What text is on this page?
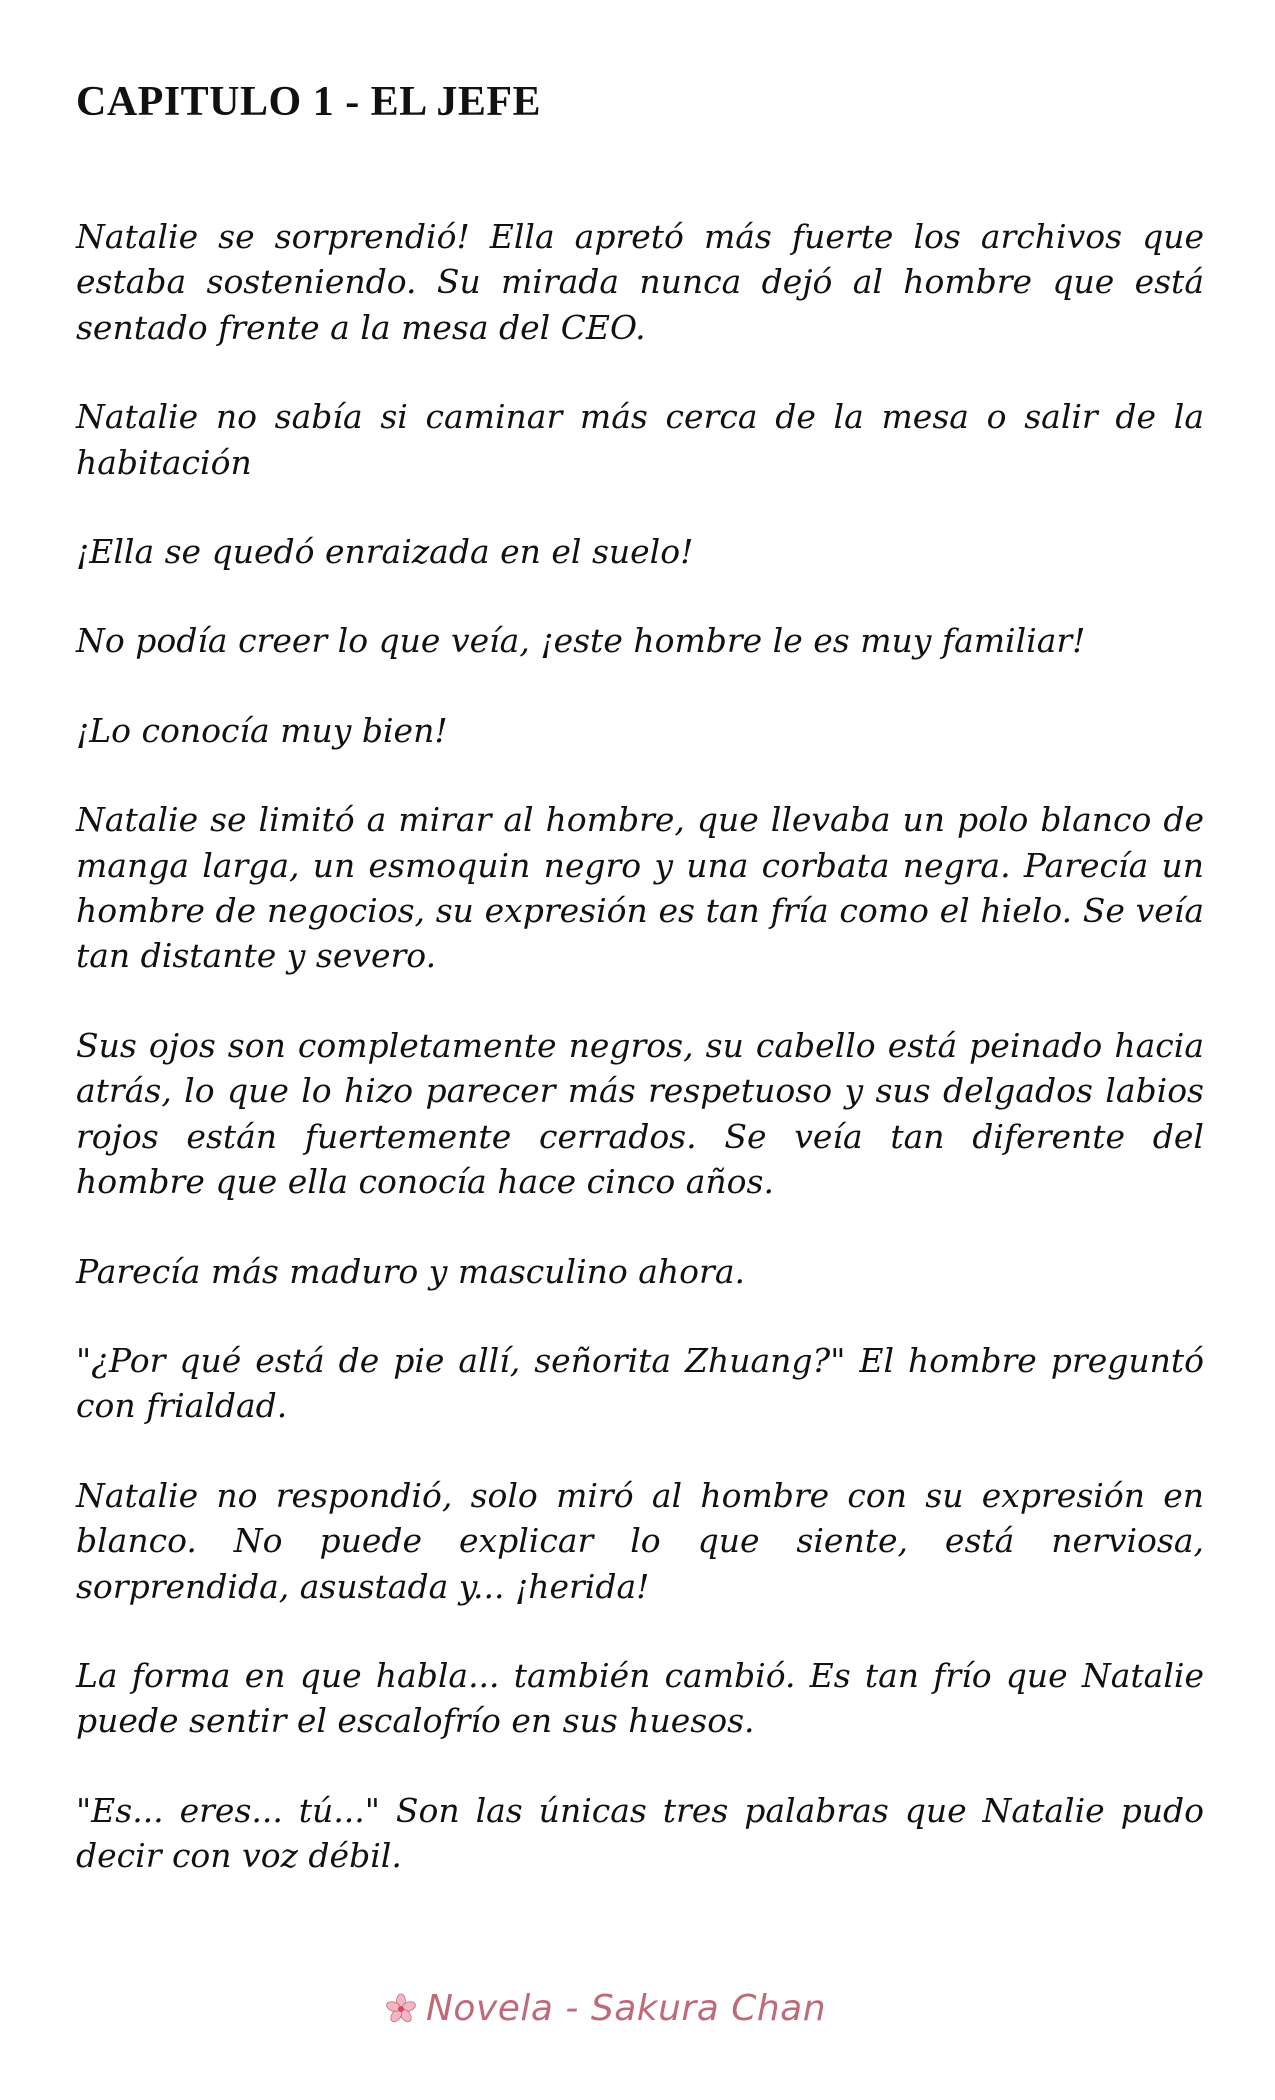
CAPITULO 1 - EL JEFE

Natalie se sorprendió! Ella apretó más fuerte los archivos que estaba sosteniendo. Su mirada nunca dejó al hombre que está sentado frente a la mesa del CEO.

Natalie no sabía si caminar más cerca de la mesa o salir de la habitación

¡Ella se quedó enraizada en el suelo!

No podía creer lo que veía, ¡este hombre le es muy familiar!

¡Lo conocía muy bien!

Natalie se limitó a mirar al hombre, que llevaba un polo blanco de manga larga, un esmoquin negro y una corbata negra. Parecía un hombre de negocios, su expresión es tan fría como el hielo. Se veía tan distante y severo.

Sus ojos son completamente negros, su cabello está peinado hacia atrás, lo que lo hizo parecer más respetuoso y sus delgados labios rojos están fuertemente cerrados. Se veía tan diferente del hombre que ella conocía hace cinco años.

Parecía más maduro y masculino ahora.

"¿Por qué está de pie allí, señorita Zhuang?" El hombre preguntó con frialdad.

Natalie no respondió, solo miró al hombre con su expresión en blanco. No puede explicar lo que siente, está nerviosa, sorprendida, asustada y... ¡herida!

La forma en que habla... también cambió. Es tan frío que Natalie puede sentir el escalofrío en sus huesos.

"Es... eres... tú..." Son las únicas tres palabras que Natalie pudo decir con voz débil.

Novela - Sakura Chan
